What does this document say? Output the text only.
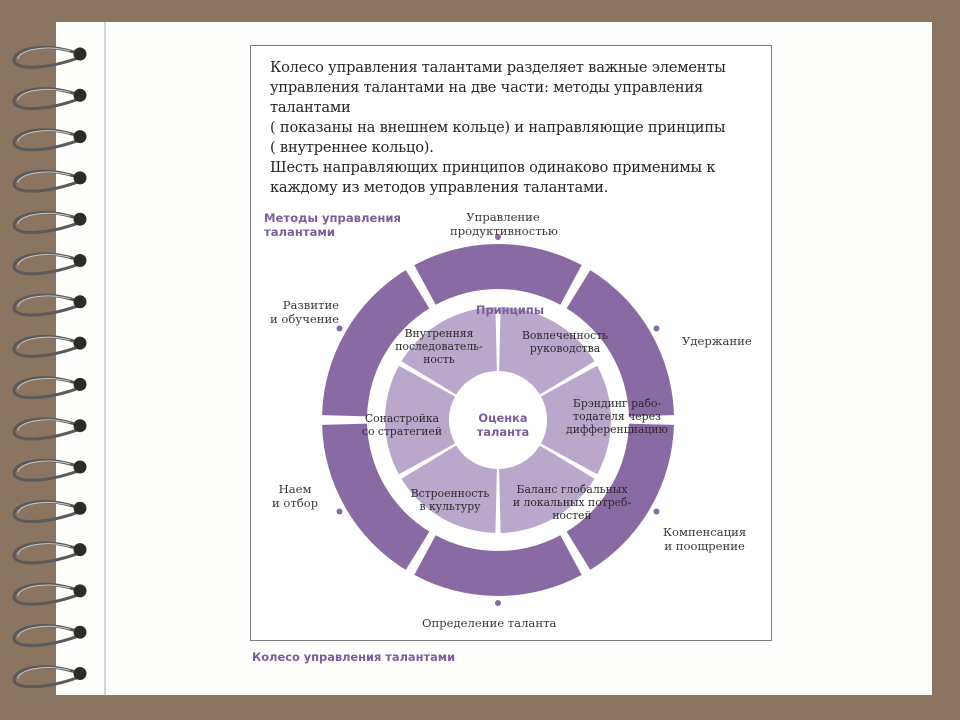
Колесо управления талантами разделяет важные элементы
управления талантами на две части: методы управления талантами
( показаны на внешнем кольце) и направляющие принципы
( внутреннее кольцо).

Шесть направляющих принципов одинаково применимы к
каждому из методов управления талантами.

Методы управления
талантами
Управление
продуктивностью
Удержание
Компенсация
и поощрение
Определение таланта
Наем
и отбор
Развитие
и обучение
Принципы
Вовлеченность
руководства
Брэндинг рабо-
тодателя через
дифференциацию
Баланс глобальных
и локальных потреб-
ностей
Встроенность
в культуру
Сонастройка
со стратегией
Внутренняя
последователь-
ность
Оценка
таланта
Колесо управления талантами
